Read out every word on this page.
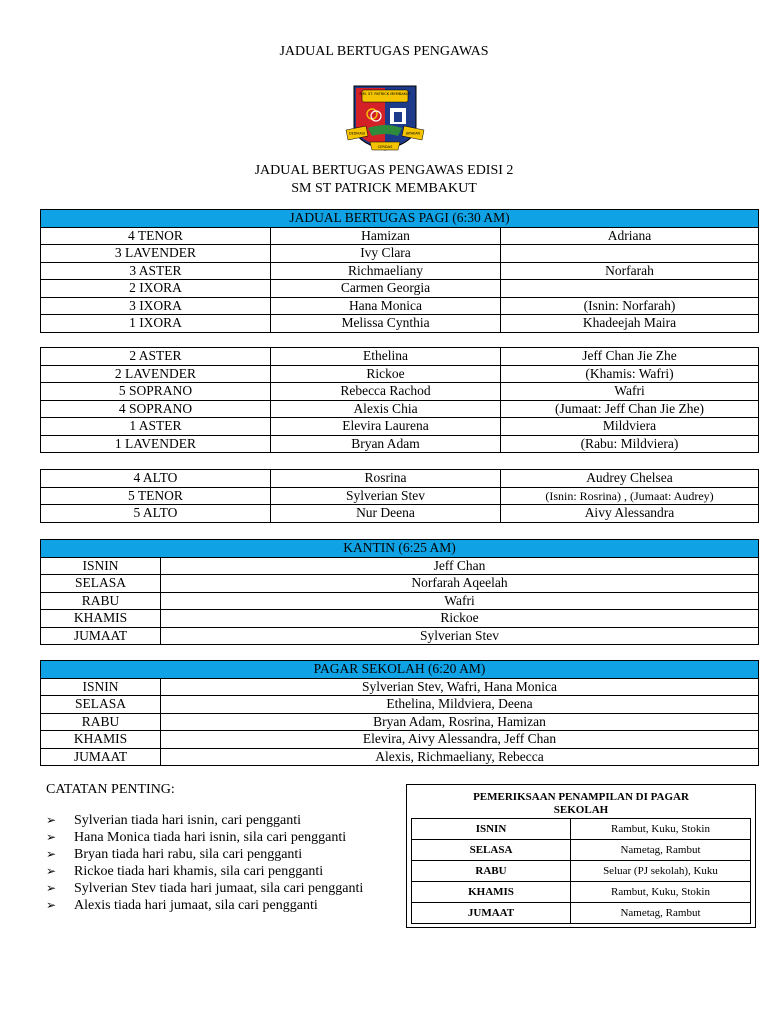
JADUAL BERTUGAS PENGAWAS
S.M. ST. PATRICK MEMBAKUT
DEDIKASI	JAYAKAN
CERDAS
JADUAL BERTUGAS PENGAWAS EDISI 2
SM ST PATRICK MEMBAKUT
JADUAL BERTUGAS PAGI (6:30 AM)		
4 TENOR	Hamizan	Adriana
3 LAVENDER	Ivy Clara	
3 ASTER	Richmaeliany	Norfarah
2 IXORA	Carmen Georgia	
3 IXORA	Hana Monica	(Isnin: Norfarah)
1 IXORA	Melissa Cynthia	Khadeejah Maira
2 ASTER	Ethelina	Jeff Chan Jie Zhe
2 LAVENDER	Rickoe	(Khamis: Wafri)
5 SOPRANO	Rebecca Rachod	Wafri
4 SOPRANO	Alexis Chia	(Jumaat: Jeff Chan Jie Zhe)
1 ASTER	Elevira Laurena	Mildviera
1 LAVENDER	Bryan Adam	(Rabu: Mildviera)
4 ALTO	Rosrina	Audrey Chelsea
5 TENOR	Sylverian Stev	(Isnin: Rosrina) , (Jumaat: Audrey)
5 ALTO	Nur Deena	Aivy Alessandra
KANTIN (6:25 AM)	
ISNIN	Jeff Chan
SELASA	Norfarah Aqeelah
RABU	Wafri
KHAMIS	Rickoe
JUMAAT	Sylverian Stev
PAGAR SEKOLAH (6:20 AM)	
ISNIN	Sylverian Stev, Wafri, Hana Monica
SELASA	Ethelina, Mildviera, Deena
RABU	Bryan Adam, Rosrina, Hamizan
KHAMIS	Elevira, Aivy Alessandra, Jeff Chan
JUMAAT	Alexis, Richmaeliany, Rebecca
CATATAN PENTING:
➢ Sylverian tiada hari isnin, cari pengganti
➢ Hana Monica tiada hari isnin, sila cari pengganti
➢ Bryan tiada hari rabu, sila cari pengganti
➢ Rickoe tiada hari khamis, sila cari pengganti
➢ Sylverian Stev tiada hari jumaat, sila cari pengganti
➢ Alexis tiada hari jumaat, sila cari pengganti
PEMERIKSAAN PENAMPILAN DI PAGAR
SEKOLAH
ISNIN	Rambut, Kuku, Stokin
SELASA	Nametag, Rambut
RABU	Seluar (PJ sekolah), Kuku
KHAMIS	Rambut, Kuku, Stokin
JUMAAT	Nametag, Rambut
